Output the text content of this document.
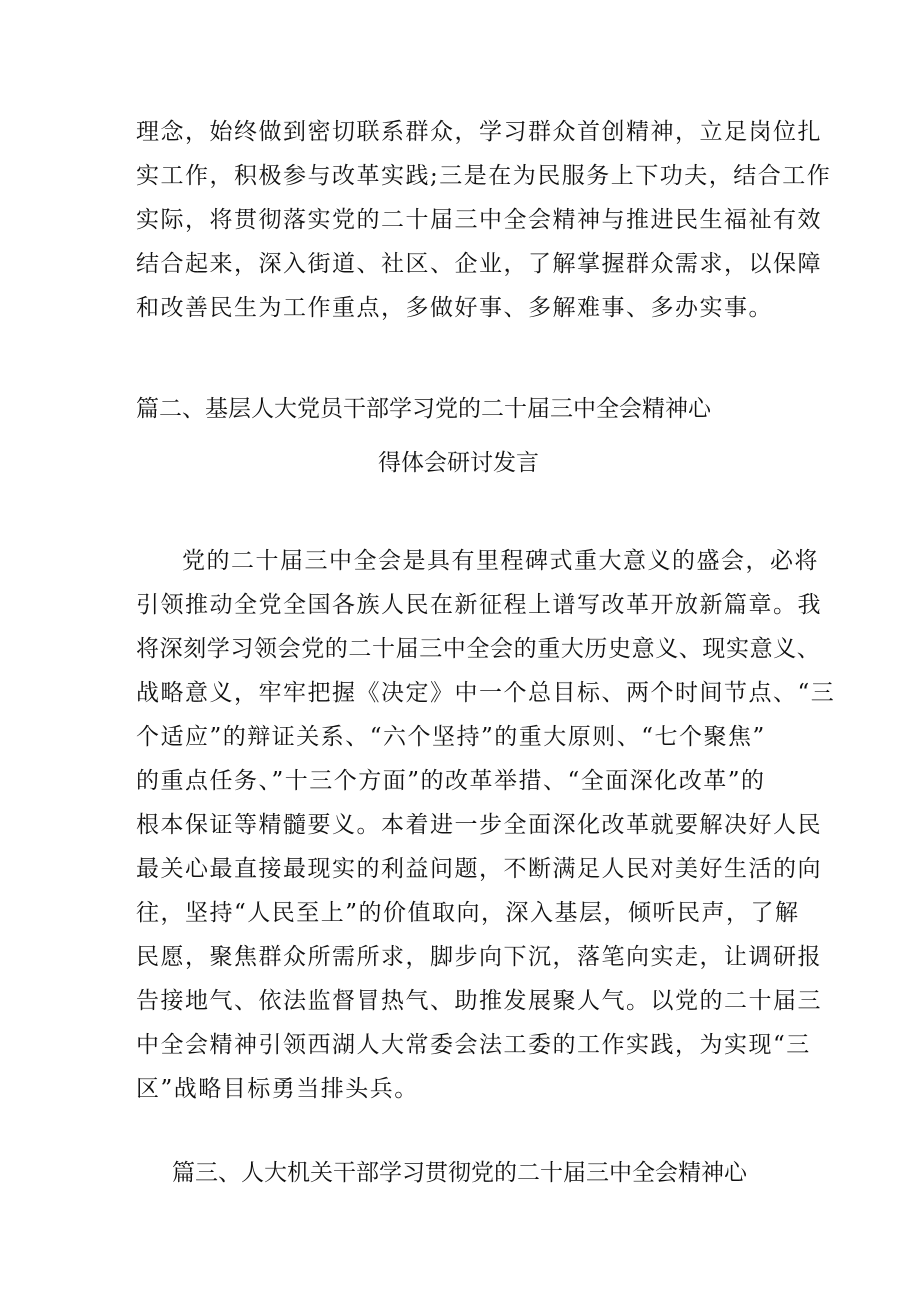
理念，始终做到密切联系群众，学习群众首创精神，立足岗位扎
实工作，积极参与改革实践;三是在为民服务上下功夫，结合工作
实际，将贯彻落实党的二十届三中全会精神与推进民生福祉有效
结合起来，深入街道、社区、企业，了解掌握群众需求，以保障
和改善民生为工作重点，多做好事、多解难事、多办实事。
篇二、基层人大党员干部学习党的二十届三中全会精神心
得体会研讨发言
党的二十届三中全会是具有里程碑式重大意义的盛会，必将
引领推动全党全国各族人民在新征程上谱写改革开放新篇章。我
将深刻学习领会党的二十届三中全会的重大历史意义、现实意义、
战略意义，牢牢把握《决定》中一个总目标、两个时间节点、“三
个适应”的辩证关系、“六个坚持”的重大原则、“七个聚焦”
的重点任务、”十三个方面”的改革举措、“全面深化改革”的
根本保证等精髓要义。本着进一步全面深化改革就要解决好人民
最关心最直接最现实的利益问题，不断满足人民对美好生活的向
往，坚持“人民至上”的价值取向，深入基层，倾听民声，了解
民愿，聚焦群众所需所求，脚步向下沉，落笔向实走，让调研报
告接地气、依法监督冒热气、助推发展聚人气。以党的二十届三
中全会精神引领西湖人大常委会法工委的工作实践，为实现“三
区”战略目标勇当排头兵。
篇三、人大机关干部学习贯彻党的二十届三中全会精神心
